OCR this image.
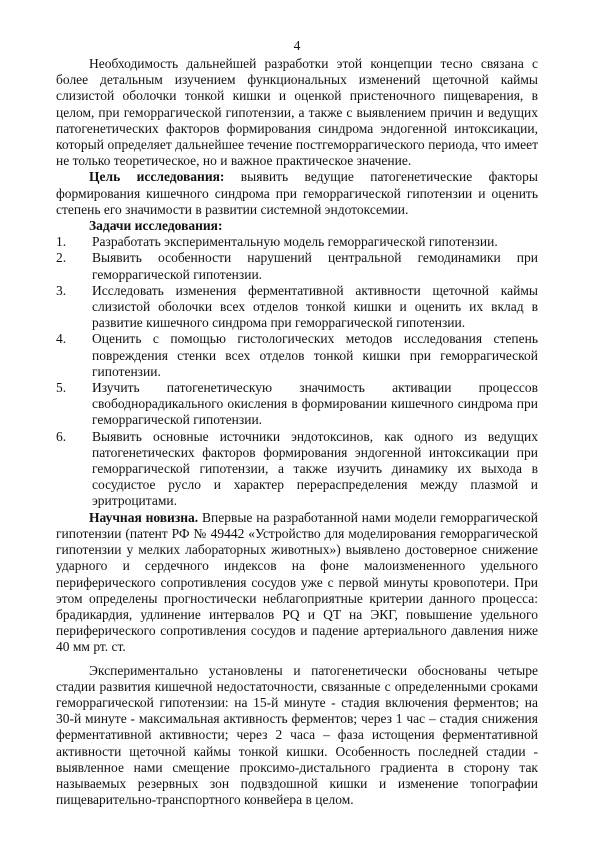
4

Необходимость дальнейшей разработки этой концепции тесно связана с более детальным изучением функциональных изменений щеточной каймы слизистой оболочки тонкой кишки и оценкой пристеночного пищеварения, в целом, при геморрагической гипотензии, а также с выявлением причин и ведущих патогенетических факторов формирования синдрома эндогенной интоксикации, который определяет дальнейшее течение постгеморрагического периода, что имеет не только теоретическое, но и важное практическое значение.

Цель исследования: выявить ведущие патогенетические факторы формирования кишечного синдрома при геморрагической гипотензии и оценить степень его значимости в развитии системной эндотоксемии.

Задачи исследования:

1. Разработать экспериментальную модель геморрагической гипотензии.
2. Выявить особенности нарушений центральной гемодинамики при геморрагической гипотензии.
3. Исследовать изменения ферментативной активности щеточной каймы слизистой оболочки всех отделов тонкой кишки и оценить их вклад в развитие кишечного синдрома при геморрагической гипотензии.
4. Оценить с помощью гистологических методов исследования степень повреждения стенки всех отделов тонкой кишки при геморрагической гипотензии.
5. Изучить патогенетическую значимость активации процессов свободнорадикального окисления в формировании кишечного синдрома при геморрагической гипотензии.
6. Выявить основные источники эндотоксинов, как одного из ведущих патогенетических факторов формирования эндогенной интоксикации при геморрагической гипотензии, а также изучить динамику их выхода в сосудистое русло и характер перераспределения между плазмой и эритроцитами.

Научная новизна. Впервые на разработанной нами модели геморрагической гипотензии (патент РФ № 49442 «Устройство для моделирования геморрагической гипотензии у мелких лабораторных животных») выявлено достоверное снижение ударного и сердечного индексов на фоне малоизмененного удельного периферического сопротивления сосудов уже с первой минуты кровопотери. При этом определены прогностически неблагоприятные критерии данного процесса: брадикардия, удлинение интервалов PQ и QT на ЭКГ, повышение удельного периферического сопротивления сосудов и падение артериального давления ниже 40 мм рт. ст.

Экспериментально установлены и патогенетически обоснованы четыре стадии развития кишечной недостаточности, связанные с определенными сроками геморрагической гипотензии: на 15-й минуте - стадия включения ферментов; на 30-й минуте - максимальная активность ферментов; через 1 час – стадия снижения ферментативной активности; через 2 часа – фаза истощения ферментативной активности щеточной каймы тонкой кишки. Особенность последней стадии - выявленное нами смещение проксимо-дистального градиента в сторону так называемых резервных зон подвздошной кишки и изменение топографии пищеварительно-транспортного конвейера в целом.
